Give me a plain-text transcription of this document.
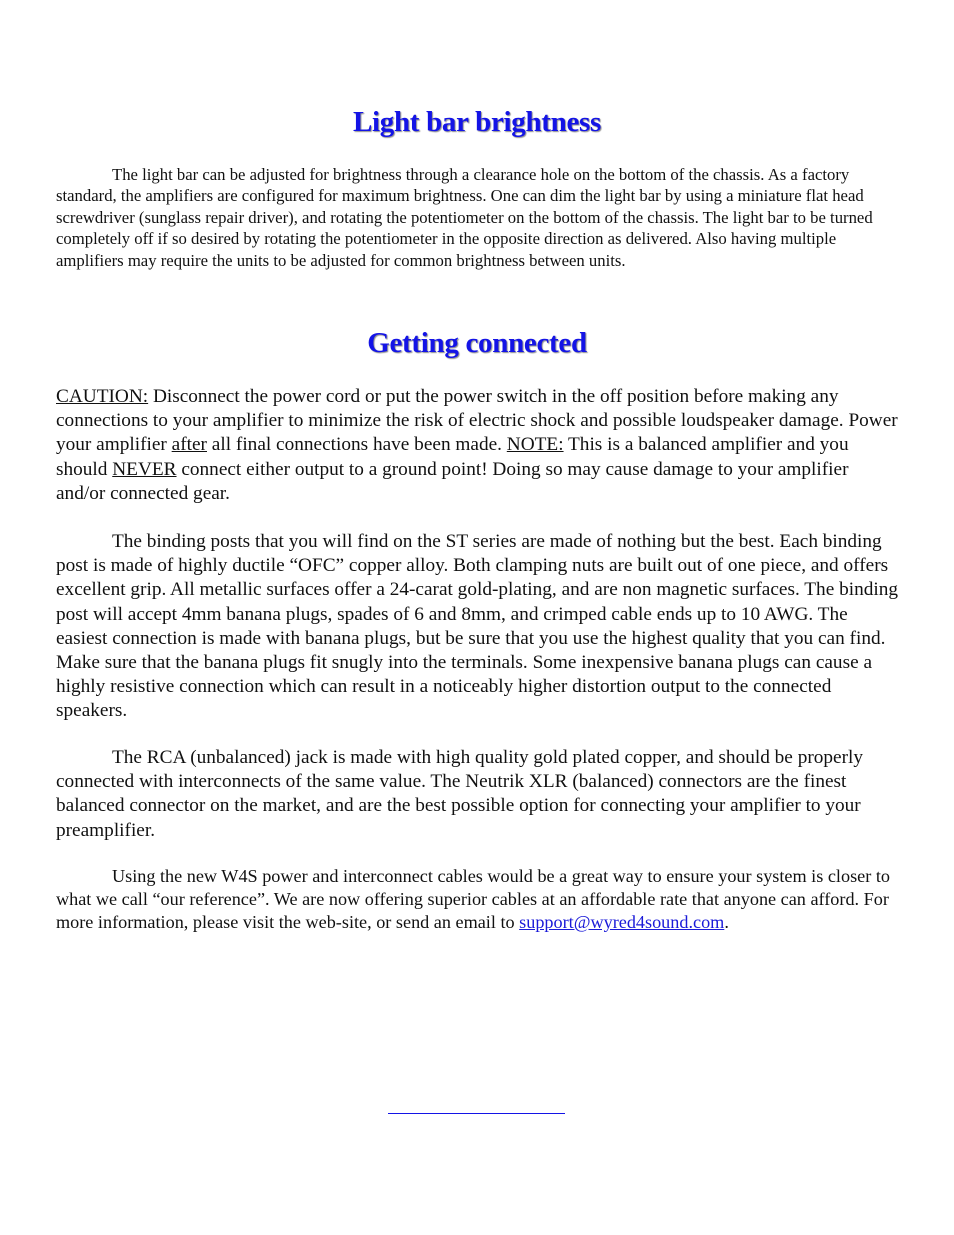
Light bar brightness

The light bar can be adjusted for brightness through a clearance hole on the bottom of the chassis. As a factory standard, the amplifiers are configured for maximum brightness. One can dim the light bar by using a miniature flat head screwdriver (sunglass repair driver), and rotating the potentiometer on the bottom of the chassis. The light bar to be turned completely off if so desired by rotating the potentiometer in the opposite direction as delivered. Also having multiple amplifiers may require the units to be adjusted for common brightness between units.

Getting connected

CAUTION: Disconnect the power cord or put the power switch in the off position before making any connections to your amplifier to minimize the risk of electric shock and possible loudspeaker damage. Power your amplifier after all final connections have been made. NOTE: This is a balanced amplifier and you should NEVER connect either output to a ground point! Doing so may cause damage to your amplifier and/or connected gear.

The binding posts that you will find on the ST series are made of nothing but the best. Each binding post is made of highly ductile “OFC” copper alloy. Both clamping nuts are built out of one piece, and offers excellent grip. All metallic surfaces offer a 24-carat gold-plating, and are non magnetic surfaces. The binding post will accept 4mm banana plugs, spades of 6 and 8mm, and crimped cable ends up to 10 AWG. The easiest connection is made with banana plugs, but be sure that you use the highest quality that you can find. Make sure that the banana plugs fit snugly into the terminals. Some inexpensive banana plugs can cause a highly resistive connection which can result in a noticeably higher distortion output to the connected speakers.

The RCA (unbalanced) jack is made with high quality gold plated copper, and should be properly connected with interconnects of the same value. The Neutrik XLR (balanced) connectors are the finest balanced connector on the market, and are the best possible option for connecting your amplifier to your preamplifier.

Using the new W4S power and interconnect cables would be a great way to ensure your system is closer to what we call “our reference”. We are now offering superior cables at an affordable rate that anyone can afford. For more information, please visit the web-site, or send an email to support@wyred4sound.com.
